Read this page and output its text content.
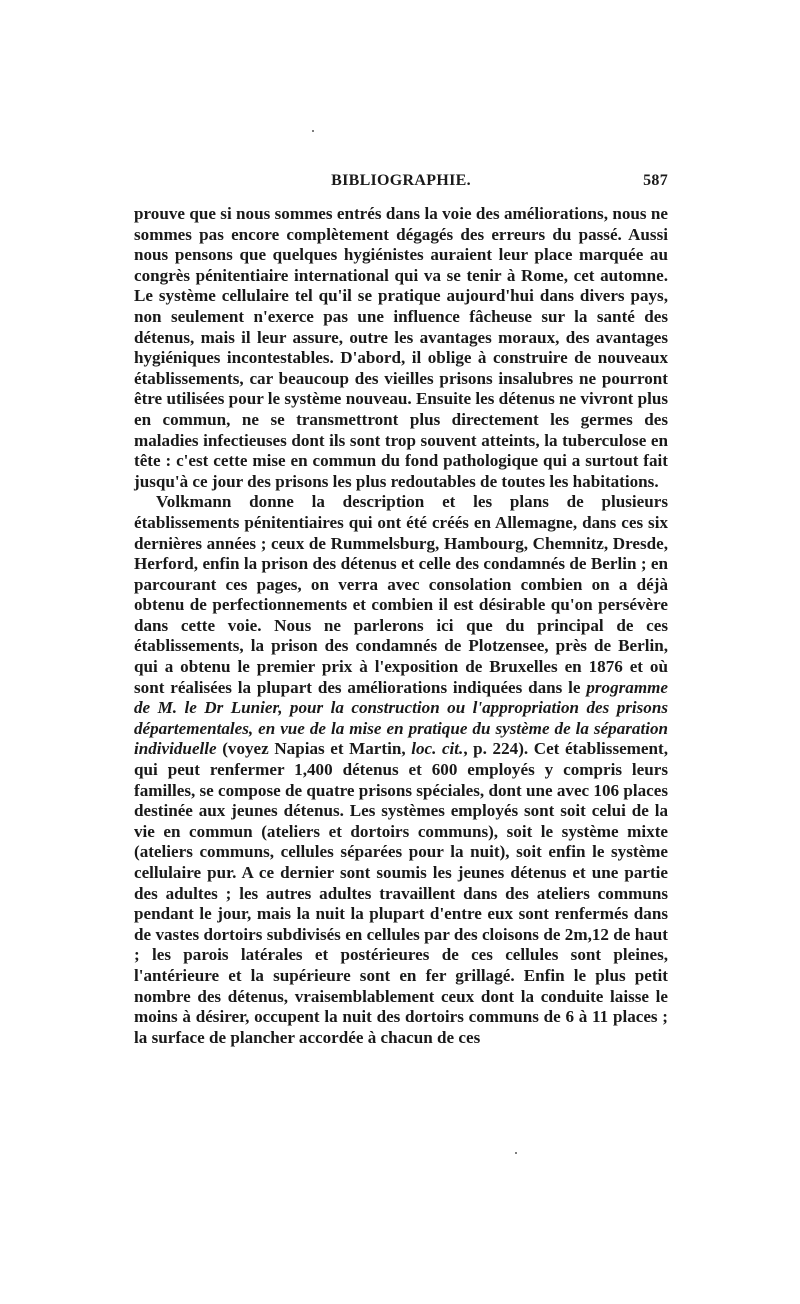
BIBLIOGRAPHIE.	587

prouve que si nous sommes entrés dans la voie des améliorations, nous ne sommes pas encore complètement dégagés des erreurs du passé. Aussi nous pensons que quelques hygiénistes auraient leur place marquée au congrès pénitentiaire international qui va se tenir à Rome, cet automne. Le système cellulaire tel qu'il se pratique aujourd'hui dans divers pays, non seulement n'exerce pas une influence fâcheuse sur la santé des détenus, mais il leur assure, outre les avantages moraux, des avantages hygiéniques incontestables. D'abord, il oblige à construire de nouveaux établissements, car beaucoup des vieilles prisons insalubres ne pourront être utilisées pour le système nouveau. Ensuite les détenus ne vivront plus en commun, ne se transmettront plus directement les germes des maladies infectieuses dont ils sont trop souvent atteints, la tuberculose en tête : c'est cette mise en commun du fond pathologique qui a surtout fait jusqu'à ce jour des prisons les plus redoutables de toutes les habitations.

Volkmann donne la description et les plans de plusieurs établissements pénitentiaires qui ont été créés en Allemagne, dans ces six dernières années ; ceux de Rummelsburg, Hambourg, Chemnitz, Dresde, Herford, enfin la prison des détenus et celle des condamnés de Berlin ; en parcourant ces pages, on verra avec consolation combien on a déjà obtenu de perfectionnements et combien il est désirable qu'on persévère dans cette voie. Nous ne parlerons ici que du principal de ces établissements, la prison des condamnés de Plotzensee, près de Berlin, qui a obtenu le premier prix à l'exposition de Bruxelles en 1876 et où sont réalisées la plupart des améliorations indiquées dans le programme de M. le Dr Lunier, pour la construction ou l'appropriation des prisons départementales, en vue de la mise en pratique du système de la séparation individuelle (voyez Napias et Martin, loc. cit., p. 224). Cet établissement, qui peut renfermer 1,400 détenus et 600 employés y compris leurs familles, se compose de quatre prisons spéciales, dont une avec 106 places destinée aux jeunes détenus. Les systèmes employés sont soit celui de la vie en commun (ateliers et dortoirs communs), soit le système mixte (ateliers communs, cellules séparées pour la nuit), soit enfin le système cellulaire pur. A ce dernier sont soumis les jeunes détenus et une partie des adultes ; les autres adultes travaillent dans des ateliers communs pendant le jour, mais la nuit la plupart d'entre eux sont renfermés dans de vastes dortoirs subdivisés en cellules par des cloisons de 2m,12 de haut ; les parois latérales et postérieures de ces cellules sont pleines, l'antérieure et la supérieure sont en fer grillagé. Enfin le plus petit nombre des détenus, vraisemblablement ceux dont la conduite laisse le moins à désirer, occupent la nuit des dortoirs communs de 6 à 11 places ; la surface de plancher accordée à chacun de ces
